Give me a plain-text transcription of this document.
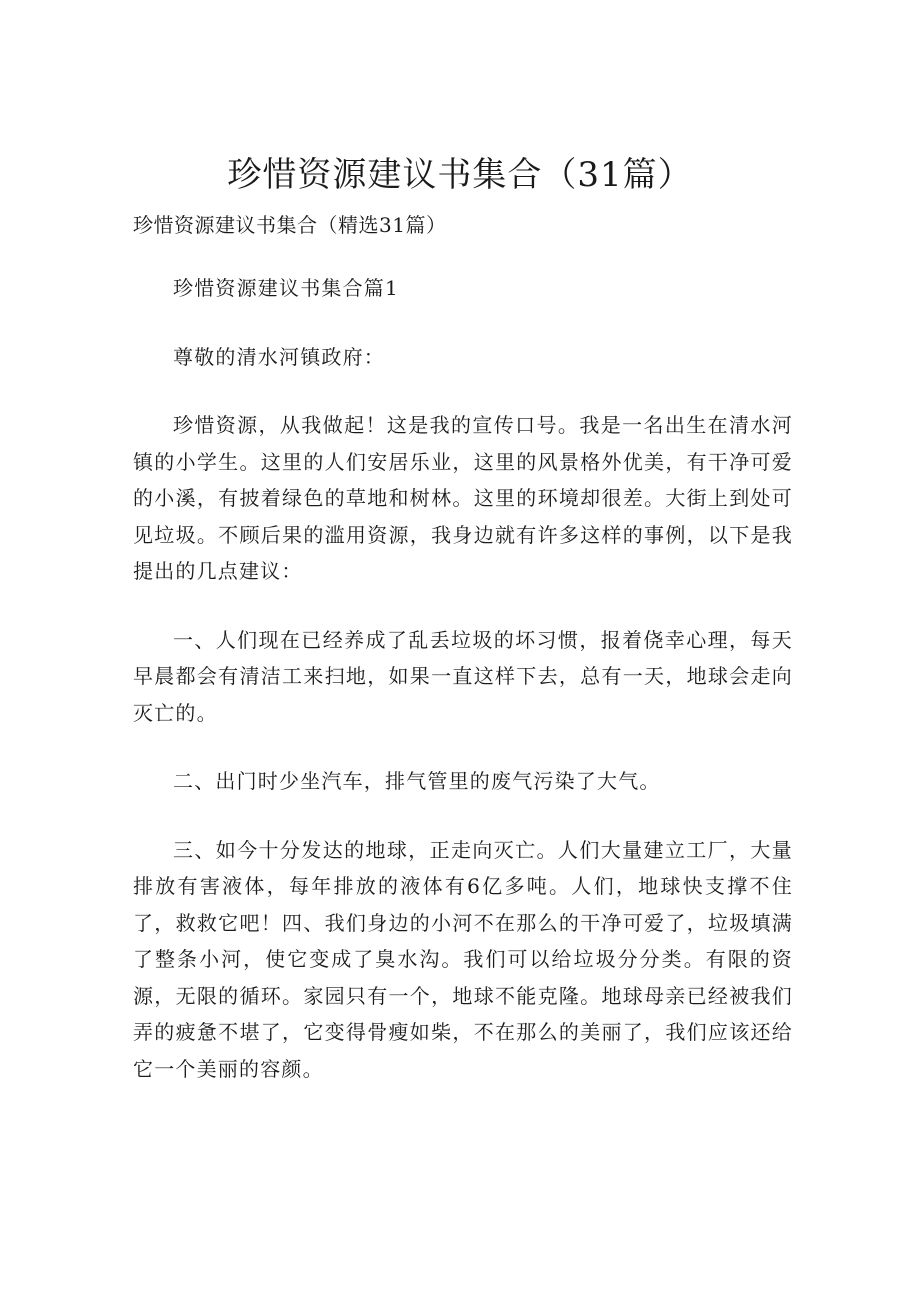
珍惜资源建议书集合（31篇）

珍惜资源建议书集合（精选31篇）

珍惜资源建议书集合篇1

尊敬的清水河镇政府：

珍惜资源，从我做起！这是我的宣传口号。我是一名出生在清水河镇的小学生。这里的人们安居乐业，这里的风景格外优美，有干净可爱的小溪，有披着绿色的草地和树林。这里的环境却很差。大街上到处可见垃圾。不顾后果的滥用资源，我身边就有许多这样的事例，以下是我提出的几点建议：

一、人们现在已经养成了乱丢垃圾的坏习惯，报着侥幸心理，每天早晨都会有清洁工来扫地，如果一直这样下去，总有一天，地球会走向灭亡的。

二、出门时少坐汽车，排气管里的废气污染了大气。

三、如今十分发达的地球，正走向灭亡。人们大量建立工厂，大量排放有害液体，每年排放的液体有6亿多吨。人们，地球快支撑不住了，救救它吧！四、我们身边的小河不在那么的干净可爱了，垃圾填满了整条小河，使它变成了臭水沟。我们可以给垃圾分分类。有限的资源，无限的循环。家园只有一个，地球不能克隆。地球母亲已经被我们弄的疲惫不堪了，它变得骨瘦如柴，不在那么的美丽了，我们应该还给它一个美丽的容颜。
